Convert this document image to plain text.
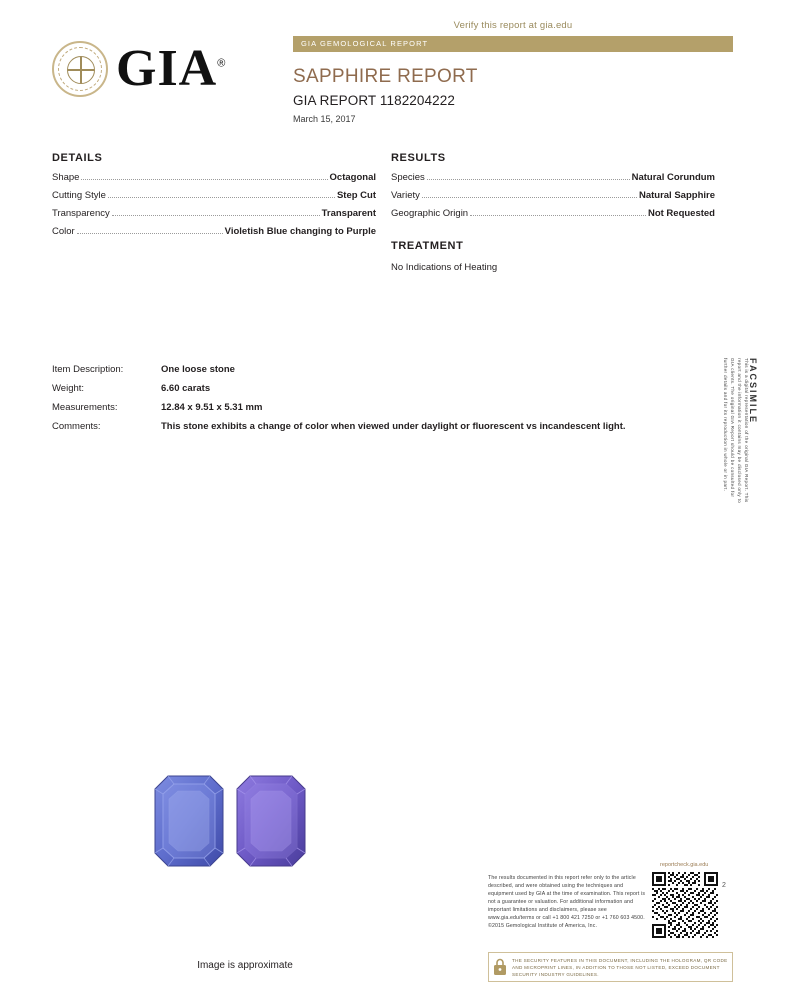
Verify this report at gia.edu
GIA®
GIA GEMOLOGICAL REPORT
SAPPHIRE REPORT
GIA REPORT 1182204222
March 15, 2017
DETAILS	RESULTS
TREATMENT
Shape	Octagonal
Cutting Style	Step Cut
Transparency	Transparent
Color	Violetish Blue changing to Purple
Species	Natural Corundum
Variety	Natural Sapphire
Geographic Origin	Not Requested
No Indications of Heating
Item Description:	One loose stone
Weight:	6.60 carats
Measurements:	12.84 x 9.51 x 5.31 mm
Comments:	This stone exhibits a change of color when viewed under daylight or fluorescent vs incandescent light.
FACSIMILE
This is a digital representation of the original GIA Report. This report and the information it contains may be disclosed only to GIA clients. The original GIA Report should be consulted for further details and for its reproduction in whole or in part.
Image is approximate
The results documented in this report refer only to the article described, and were obtained using the techniques and equipment used by GIA at the time of examination. This report is not a guarantee or valuation. For additional information and important limitations and disclaimers, please see www.gia.edu/terms or call +1 800 421 7250 or +1 760 603 4500. ©2015 Gemological Institute of America, Inc.
reportcheck.gia.edu
2
THE SECURITY FEATURES IN THIS DOCUMENT, INCLUDING THE HOLOGRAM, QR CODE AND MICROPRINT LINES, IN ADDITION TO THOSE NOT LISTED, EXCEED DOCUMENT SECURITY INDUSTRY GUIDELINES.
